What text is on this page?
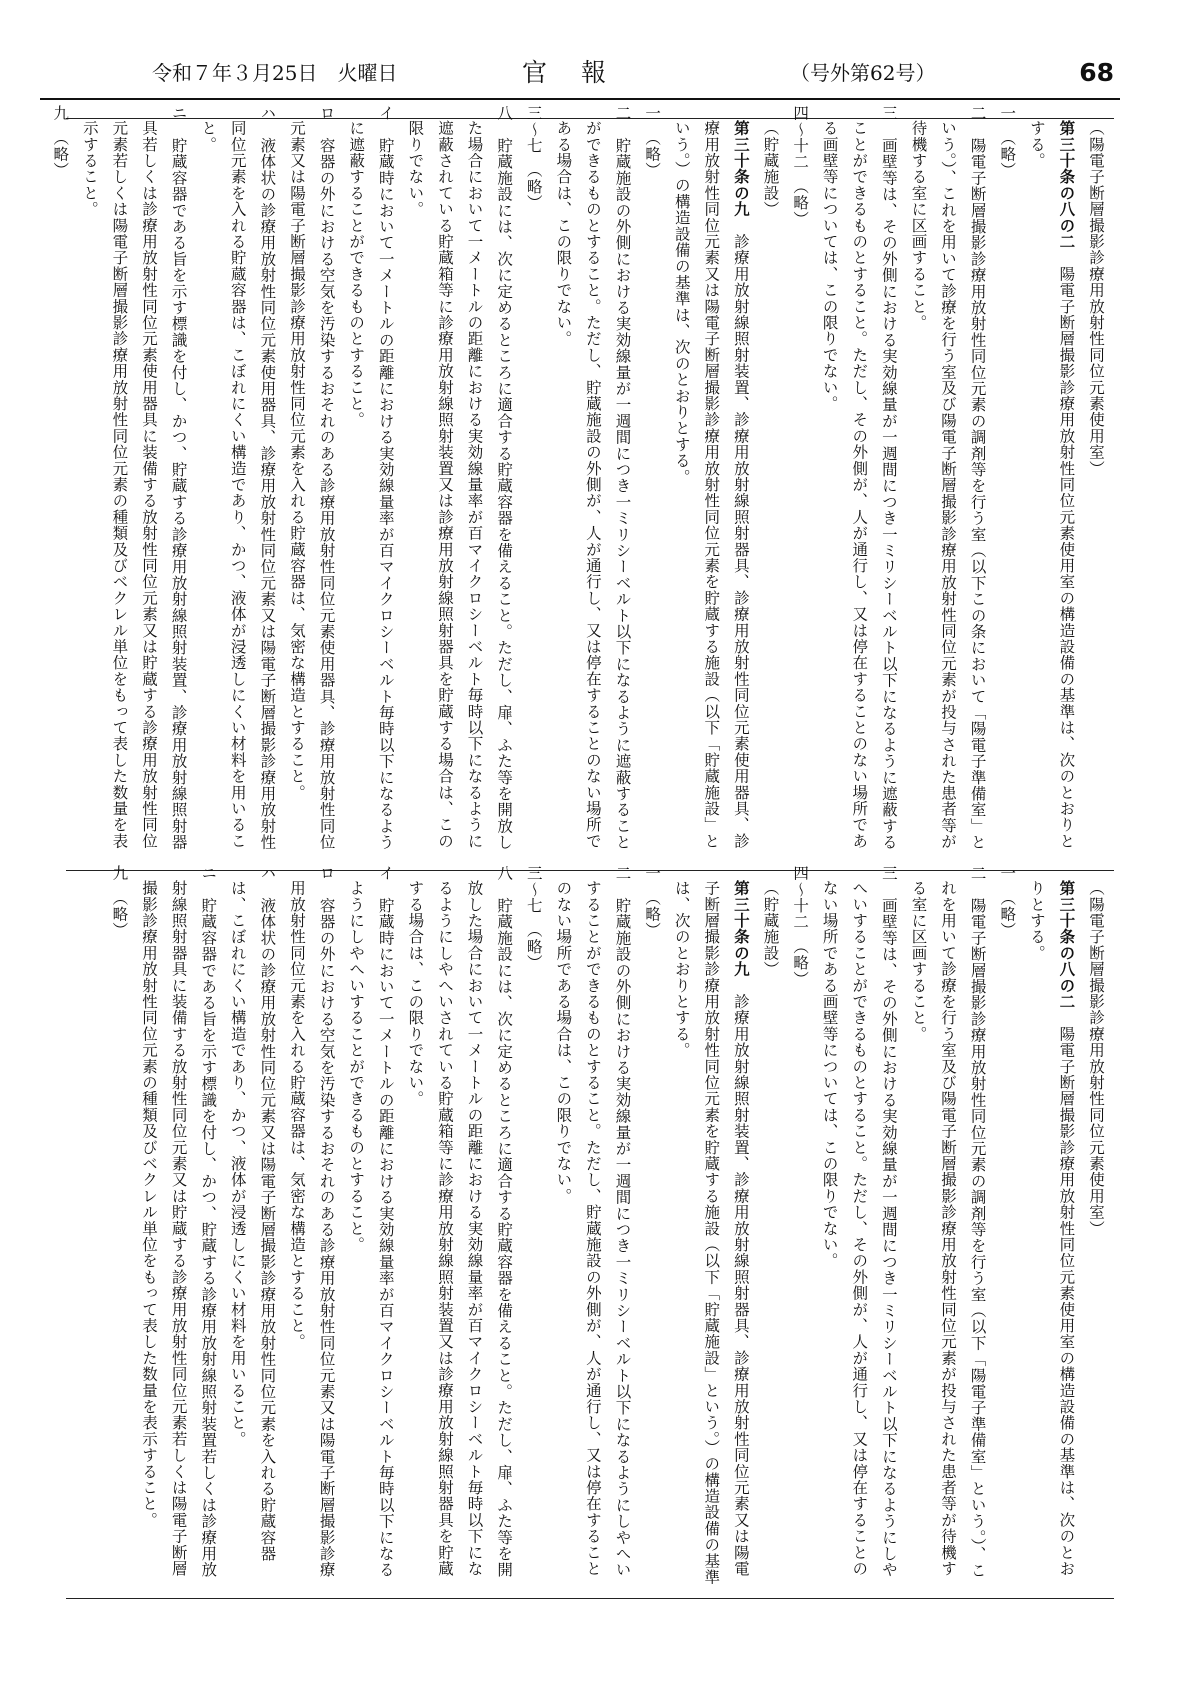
令和７年３月25日　火曜日	官報	（号外第62号）	68

（陽電子断層撮影診療用放射性同位元素使用室）

第三十条の八の二　陽電子断層撮影診療用放射性同位元素使用室の構造設備の基準は、次のとおりとする。

一　（略）

二　陽電子断層撮影診療用放射性同位元素の調剤等を行う室（以下この条において「陽電子準備室」という。）、これを用いて診療を行う室及び陽電子断層撮影診療用放射性同位元素が投与された患者等が待機する室に区画すること。

三　画壁等は、その外側における実効線量が一週間につき一ミリシーベルト以下になるように遮蔽することができるものとすること。ただし、その外側が、人が通行し、又は停在することのない場所である画壁等については、この限りでない。

四～十二　（略）

（貯蔵施設）

第三十条の九　診療用放射線照射装置、診療用放射線照射器具、診療用放射性同位元素使用器具、診療用放射性同位元素又は陽電子断層撮影診療用放射性同位元素を貯蔵する施設（以下「貯蔵施設」という。）の構造設備の基準は、次のとおりとする。

一　（略）

二　貯蔵施設の外側における実効線量が一週間につき一ミリシーベルト以下になるように遮蔽することができるものとすること。ただし、貯蔵施設の外側が、人が通行し、又は停在することのない場所である場合は、この限りでない。

三～七　（略）

八　貯蔵施設には、次に定めるところに適合する貯蔵容器を備えること。ただし、扉、ふた等を開放した場合において一メートルの距離における実効線量率が百マイクロシーベルト毎時以下になるように遮蔽されている貯蔵箱等に診療用放射線照射装置又は診療用放射線照射器具を貯蔵する場合は、この限りでない。

イ　貯蔵時において一メートルの距離における実効線量率が百マイクロシーベルト毎時以下になるように遮蔽することができるものとすること。

ロ　容器の外における空気を汚染するおそれのある診療用放射性同位元素使用器具、診療用放射性同位元素又は陽電子断層撮影診療用放射性同位元素を入れる貯蔵容器は、気密な構造とすること。

ハ　液体状の診療用放射性同位元素使用器具、診療用放射性同位元素又は陽電子断層撮影診療用放射性同位元素を入れる貯蔵容器は、こぼれにくい構造であり、かつ、液体が浸透しにくい材料を用いること。

ニ　貯蔵容器である旨を示す標識を付し、かつ、貯蔵する診療用放射線照射装置、診療用放射線照射器具若しくは診療用放射性同位元素使用器具に装備する放射性同位元素又は貯蔵する診療用放射性同位元素若しくは陽電子断層撮影診療用放射性同位元素の種類及びベクレル単位をもって表した数量を表示すること。

九　（略）

（陽電子断層撮影診療用放射性同位元素使用室）

第三十条の八の二　陽電子断層撮影診療用放射性同位元素使用室の構造設備の基準は、次のとおりとする。

一　（略）

二　陽電子断層撮影診療用放射性同位元素の調剤等を行う室（以下「陽電子準備室」という。）、これを用いて診療を行う室及び陽電子断層撮影診療用放射性同位元素が投与された患者等が待機する室に区画すること。

三　画壁等は、その外側における実効線量が一週間につき一ミリシーベルト以下になるようにしやへいすることができるものとすること。ただし、その外側が、人が通行し、又は停在することのない場所である画壁等については、この限りでない。

四～十二　（略）

（貯蔵施設）

第三十条の九　診療用放射線照射装置、診療用放射線照射器具、診療用放射性同位元素又は陽電子断層撮影診療用放射性同位元素を貯蔵する施設（以下「貯蔵施設」という。）の構造設備の基準は、次のとおりとする。

一　（略）

二　貯蔵施設の外側における実効線量が一週間につき一ミリシーベルト以下になるようにしやへいすることができるものとすること。ただし、貯蔵施設の外側が、人が通行し、又は停在することのない場所である場合は、この限りでない。

三～七　（略）

八　貯蔵施設には、次に定めるところに適合する貯蔵容器を備えること。ただし、扉、ふた等を開放した場合において一メートルの距離における実効線量率が百マイクロシーベルト毎時以下になるようにしやへいされている貯蔵箱等に診療用放射線照射装置又は診療用放射線照射器具を貯蔵する場合は、この限りでない。

イ　貯蔵時において一メートルの距離における実効線量率が百マイクロシーベルト毎時以下になるようにしやへいすることができるものとすること。

ロ　容器の外における空気を汚染するおそれのある診療用放射性同位元素又は陽電子断層撮影診療用放射性同位元素を入れる貯蔵容器は、気密な構造とすること。

ハ　液体状の診療用放射性同位元素又は陽電子断層撮影診療用放射性同位元素を入れる貯蔵容器は、こぼれにくい構造であり、かつ、液体が浸透しにくい材料を用いること。

ニ　貯蔵容器である旨を示す標識を付し、かつ、貯蔵する診療用放射線照射装置若しくは診療用放射線照射器具に装備する放射性同位元素又は貯蔵する診療用放射性同位元素若しくは陽電子断層撮影診療用放射性同位元素の種類及びベクレル単位をもって表した数量を表示すること。

九　（略）
